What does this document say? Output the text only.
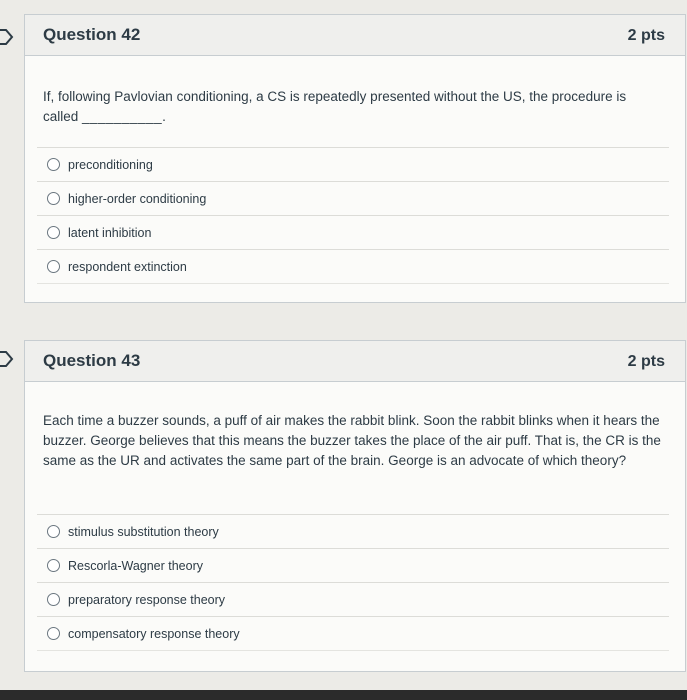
Question 42	2 pts
If, following Pavlovian conditioning, a CS is repeatedly presented without the US, the procedure is called __________.
preconditioning
higher-order conditioning
latent inhibition
respondent extinction
Question 43	2 pts
Each time a buzzer sounds, a puff of air makes the rabbit blink. Soon the rabbit blinks when it hears the buzzer. George believes that this means the buzzer takes the place of the air puff. That is, the CR is the same as the UR and activates the same part of the brain. George is an advocate of which theory?
stimulus substitution theory
Rescorla-Wagner theory
preparatory response theory
compensatory response theory
